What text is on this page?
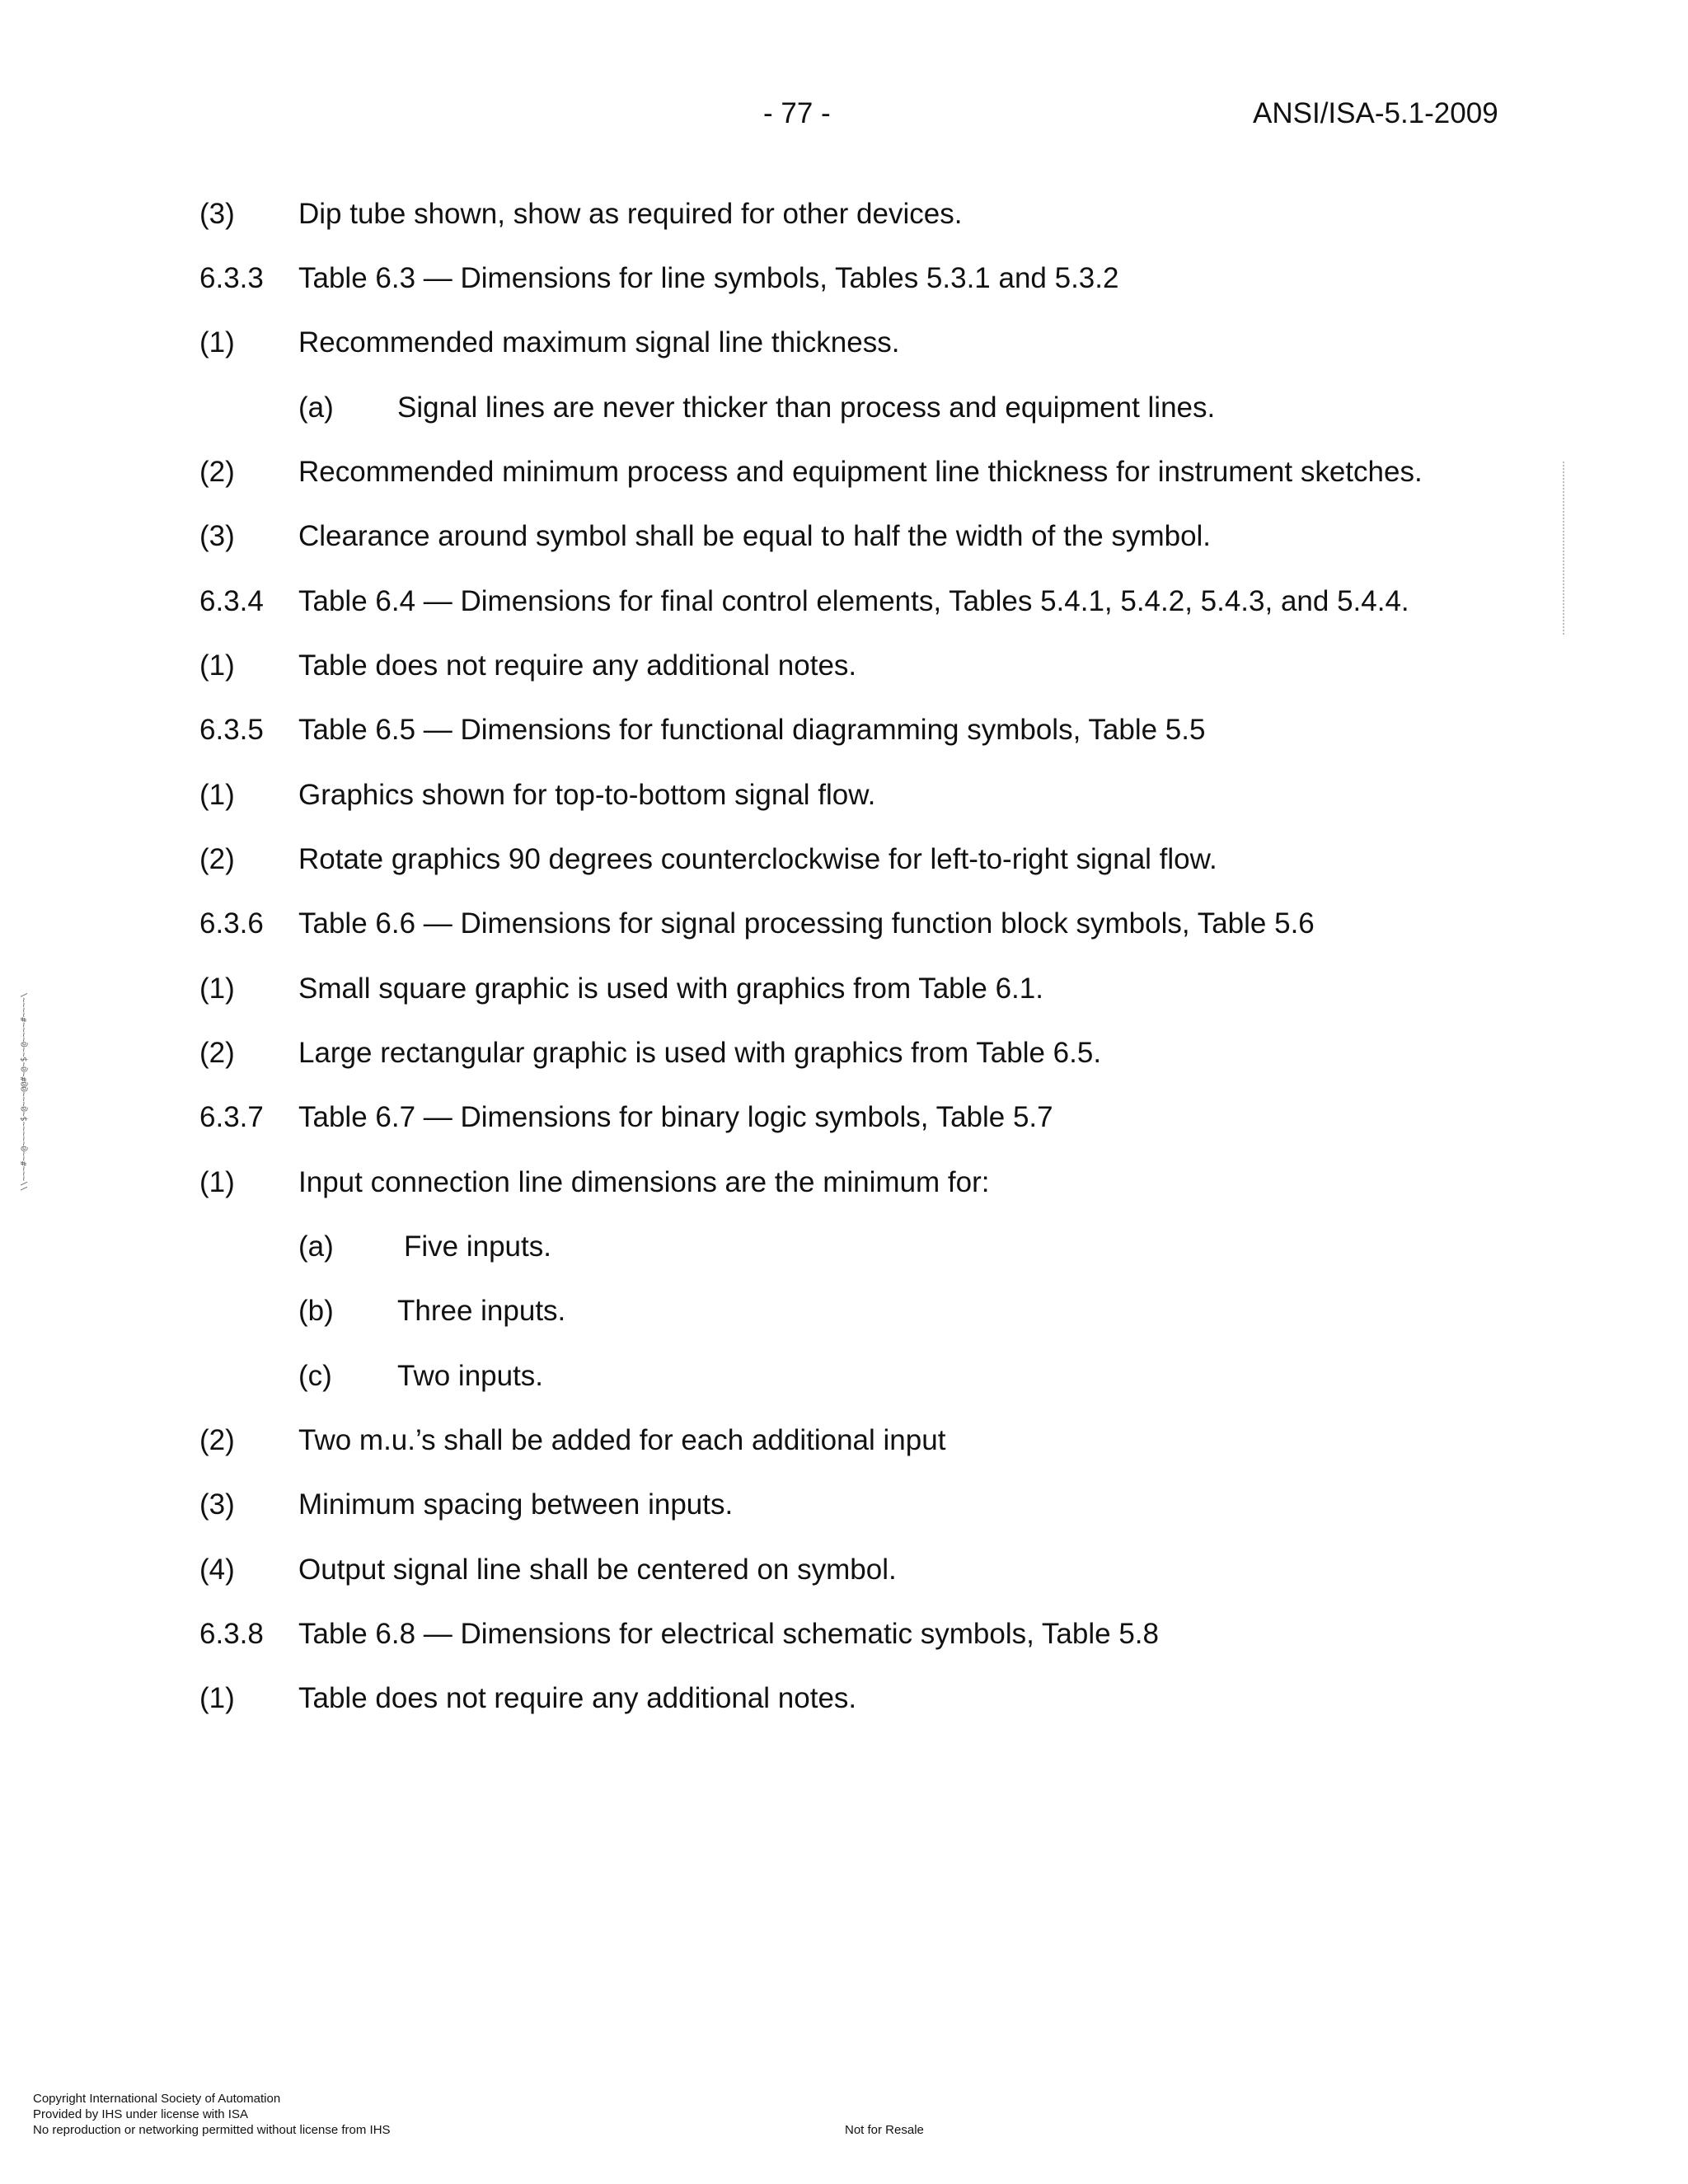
- 77 -	ANSI/ISA-5.1-2009
(3) Dip tube shown, show as required for other devices.
6.3.3 Table 6.3 — Dimensions for line symbols, Tables 5.3.1 and 5.3.2
(1) Recommended maximum signal line thickness.
(a) Signal lines are never thicker than process and equipment lines.
(2) Recommended minimum process and equipment line thickness for instrument sketches.
(3) Clearance around symbol shall be equal to half the width of the symbol.
6.3.4 Table 6.4 — Dimensions for final control elements, Tables 5.4.1, 5.4.2, 5.4.3, and 5.4.4.
(1) Table does not require any additional notes.
6.3.5 Table 6.5 — Dimensions for functional diagramming symbols, Table 5.5
(1) Graphics shown for top-to-bottom signal flow.
(2) Rotate graphics 90 degrees counterclockwise for left-to-right signal flow.
6.3.6 Table 6.6 — Dimensions for signal processing function block symbols, Table 5.6
(1) Small square graphic is used with graphics from Table 6.1.
(2) Large rectangular graphic is used with graphics from Table 6.5.
6.3.7 Table 6.7 — Dimensions for binary logic symbols, Table 5.7
(1) Input connection line dimensions are the minimum for:
(a) Five inputs.
(b) Three inputs.
(c) Two inputs.
(2) Two m.u.’s shall be added for each additional input
(3) Minimum spacing between inputs.
(4) Output signal line shall be centered on symbol.
6.3.8 Table 6.8 — Dimensions for electrical schematic symbols, Table 5.8
(1) Table does not require any additional notes.
\\~~~#~~@~~~~~$~@~~~@@#~@~$~~@~~~~#~~~~\
Copyright International Society of Automation
Provided by IHS under license with ISA
No reproduction or networking permitted without license from IHS	Not for Resale
